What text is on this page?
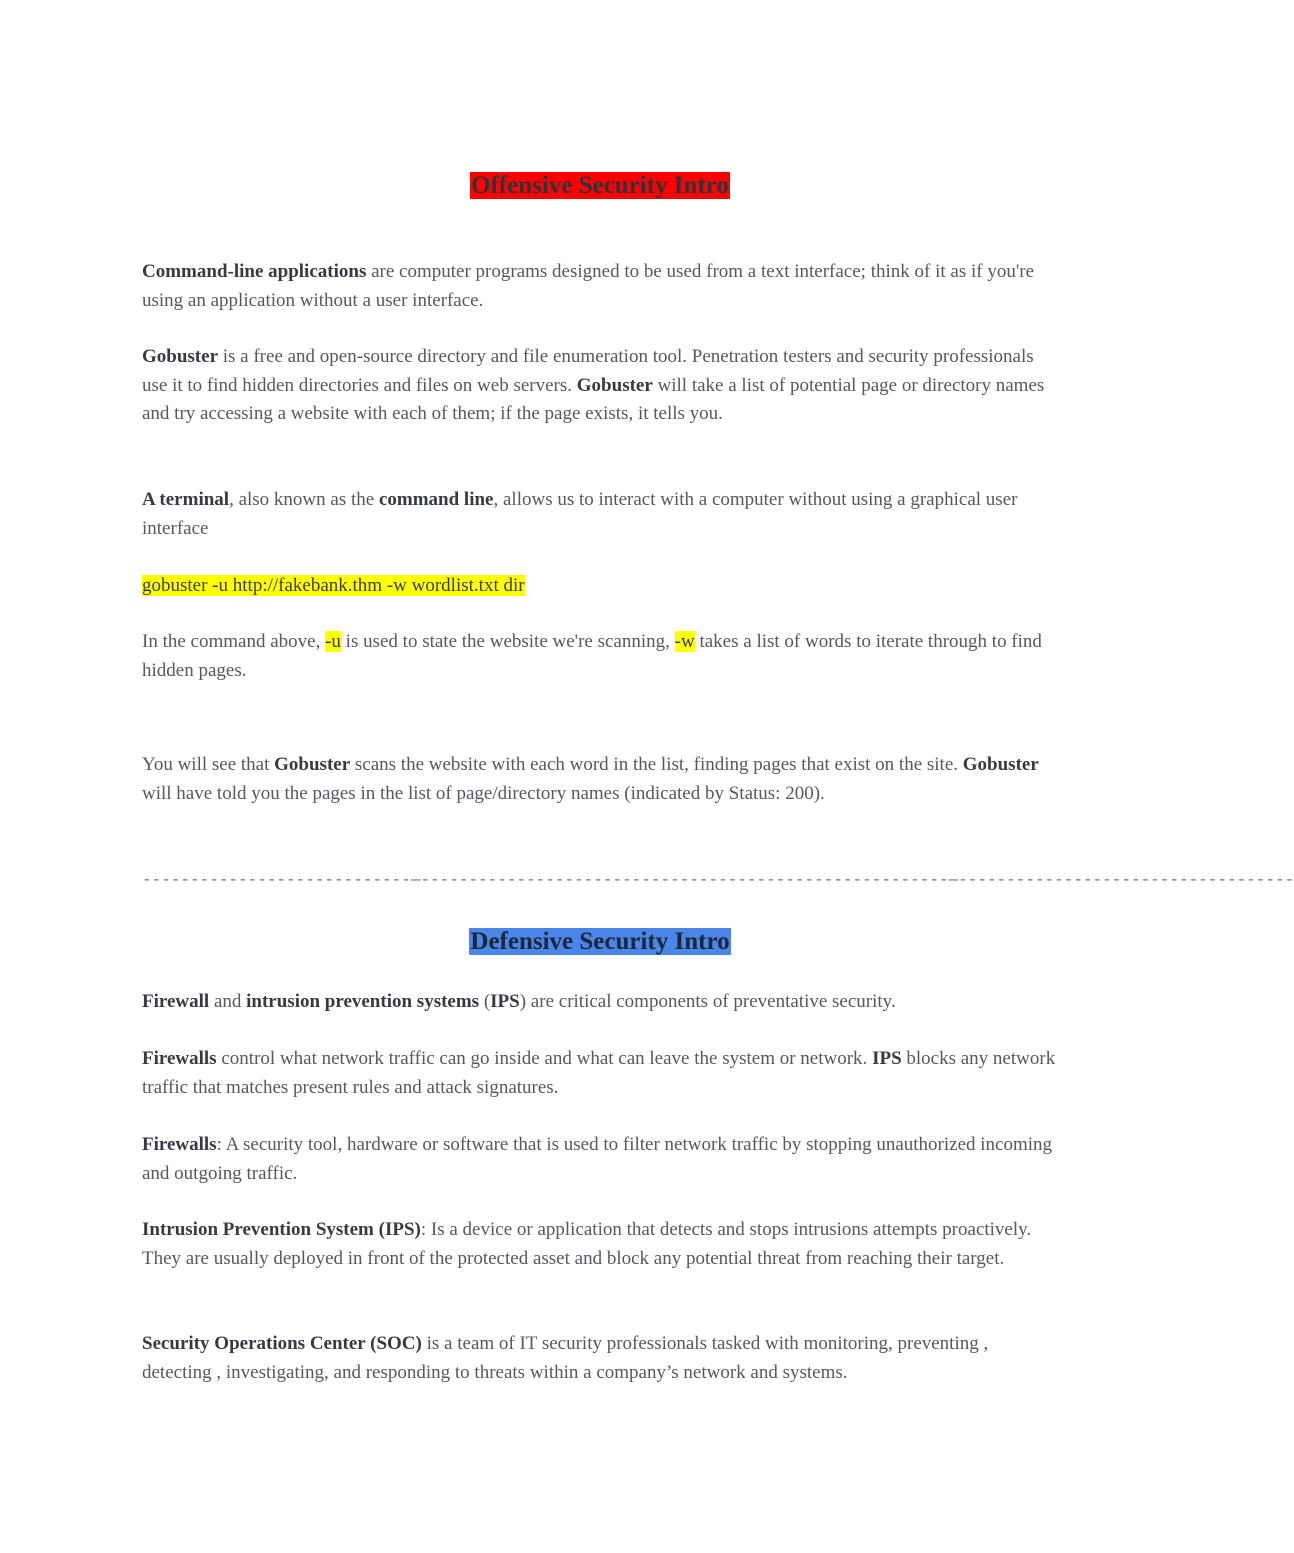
Offensive Security Intro

Command-line applications are computer programs designed to be used from a text interface; think of it as if you're using an application without a user interface.

Gobuster is a free and open-source directory and file enumeration tool. Penetration testers and security professionals use it to find hidden directories and files on web servers. Gobuster will take a list of potential page or directory names and try accessing a website with each of them; if the page exists, it tells you.

A terminal, also known as the command line, allows us to interact with a computer without using a graphical user interface

gobuster -u http://fakebank.thm -w wordlist.txt dir

In the command above, -u is used to state the website we're scanning, -w takes a list of words to iterate through to find hidden pages.

You will see that Gobuster scans the website with each word in the list, finding pages that exist on the site. Gobuster will have told you the pages in the list of page/directory names (indicated by Status: 200).

----------------------------—-------------------------------------------------------—-----------------------------------
Defensive Security Intro

Firewall and intrusion prevention systems (IPS) are critical components of preventative security.

Firewalls control what network traffic can go inside and what can leave the system or network. IPS blocks any network traffic that matches present rules and attack signatures.

Firewalls: A security tool, hardware or software that is used to filter network traffic by stopping unauthorized incoming and outgoing traffic.

Intrusion Prevention System (IPS): Is a device or application that detects and stops intrusions attempts proactively. They are usually deployed in front of the protected asset and block any potential threat from reaching their target.

Security Operations Center (SOC) is a team of IT security professionals tasked with monitoring, preventing , detecting , investigating, and responding to threats within a company’s network and systems.
